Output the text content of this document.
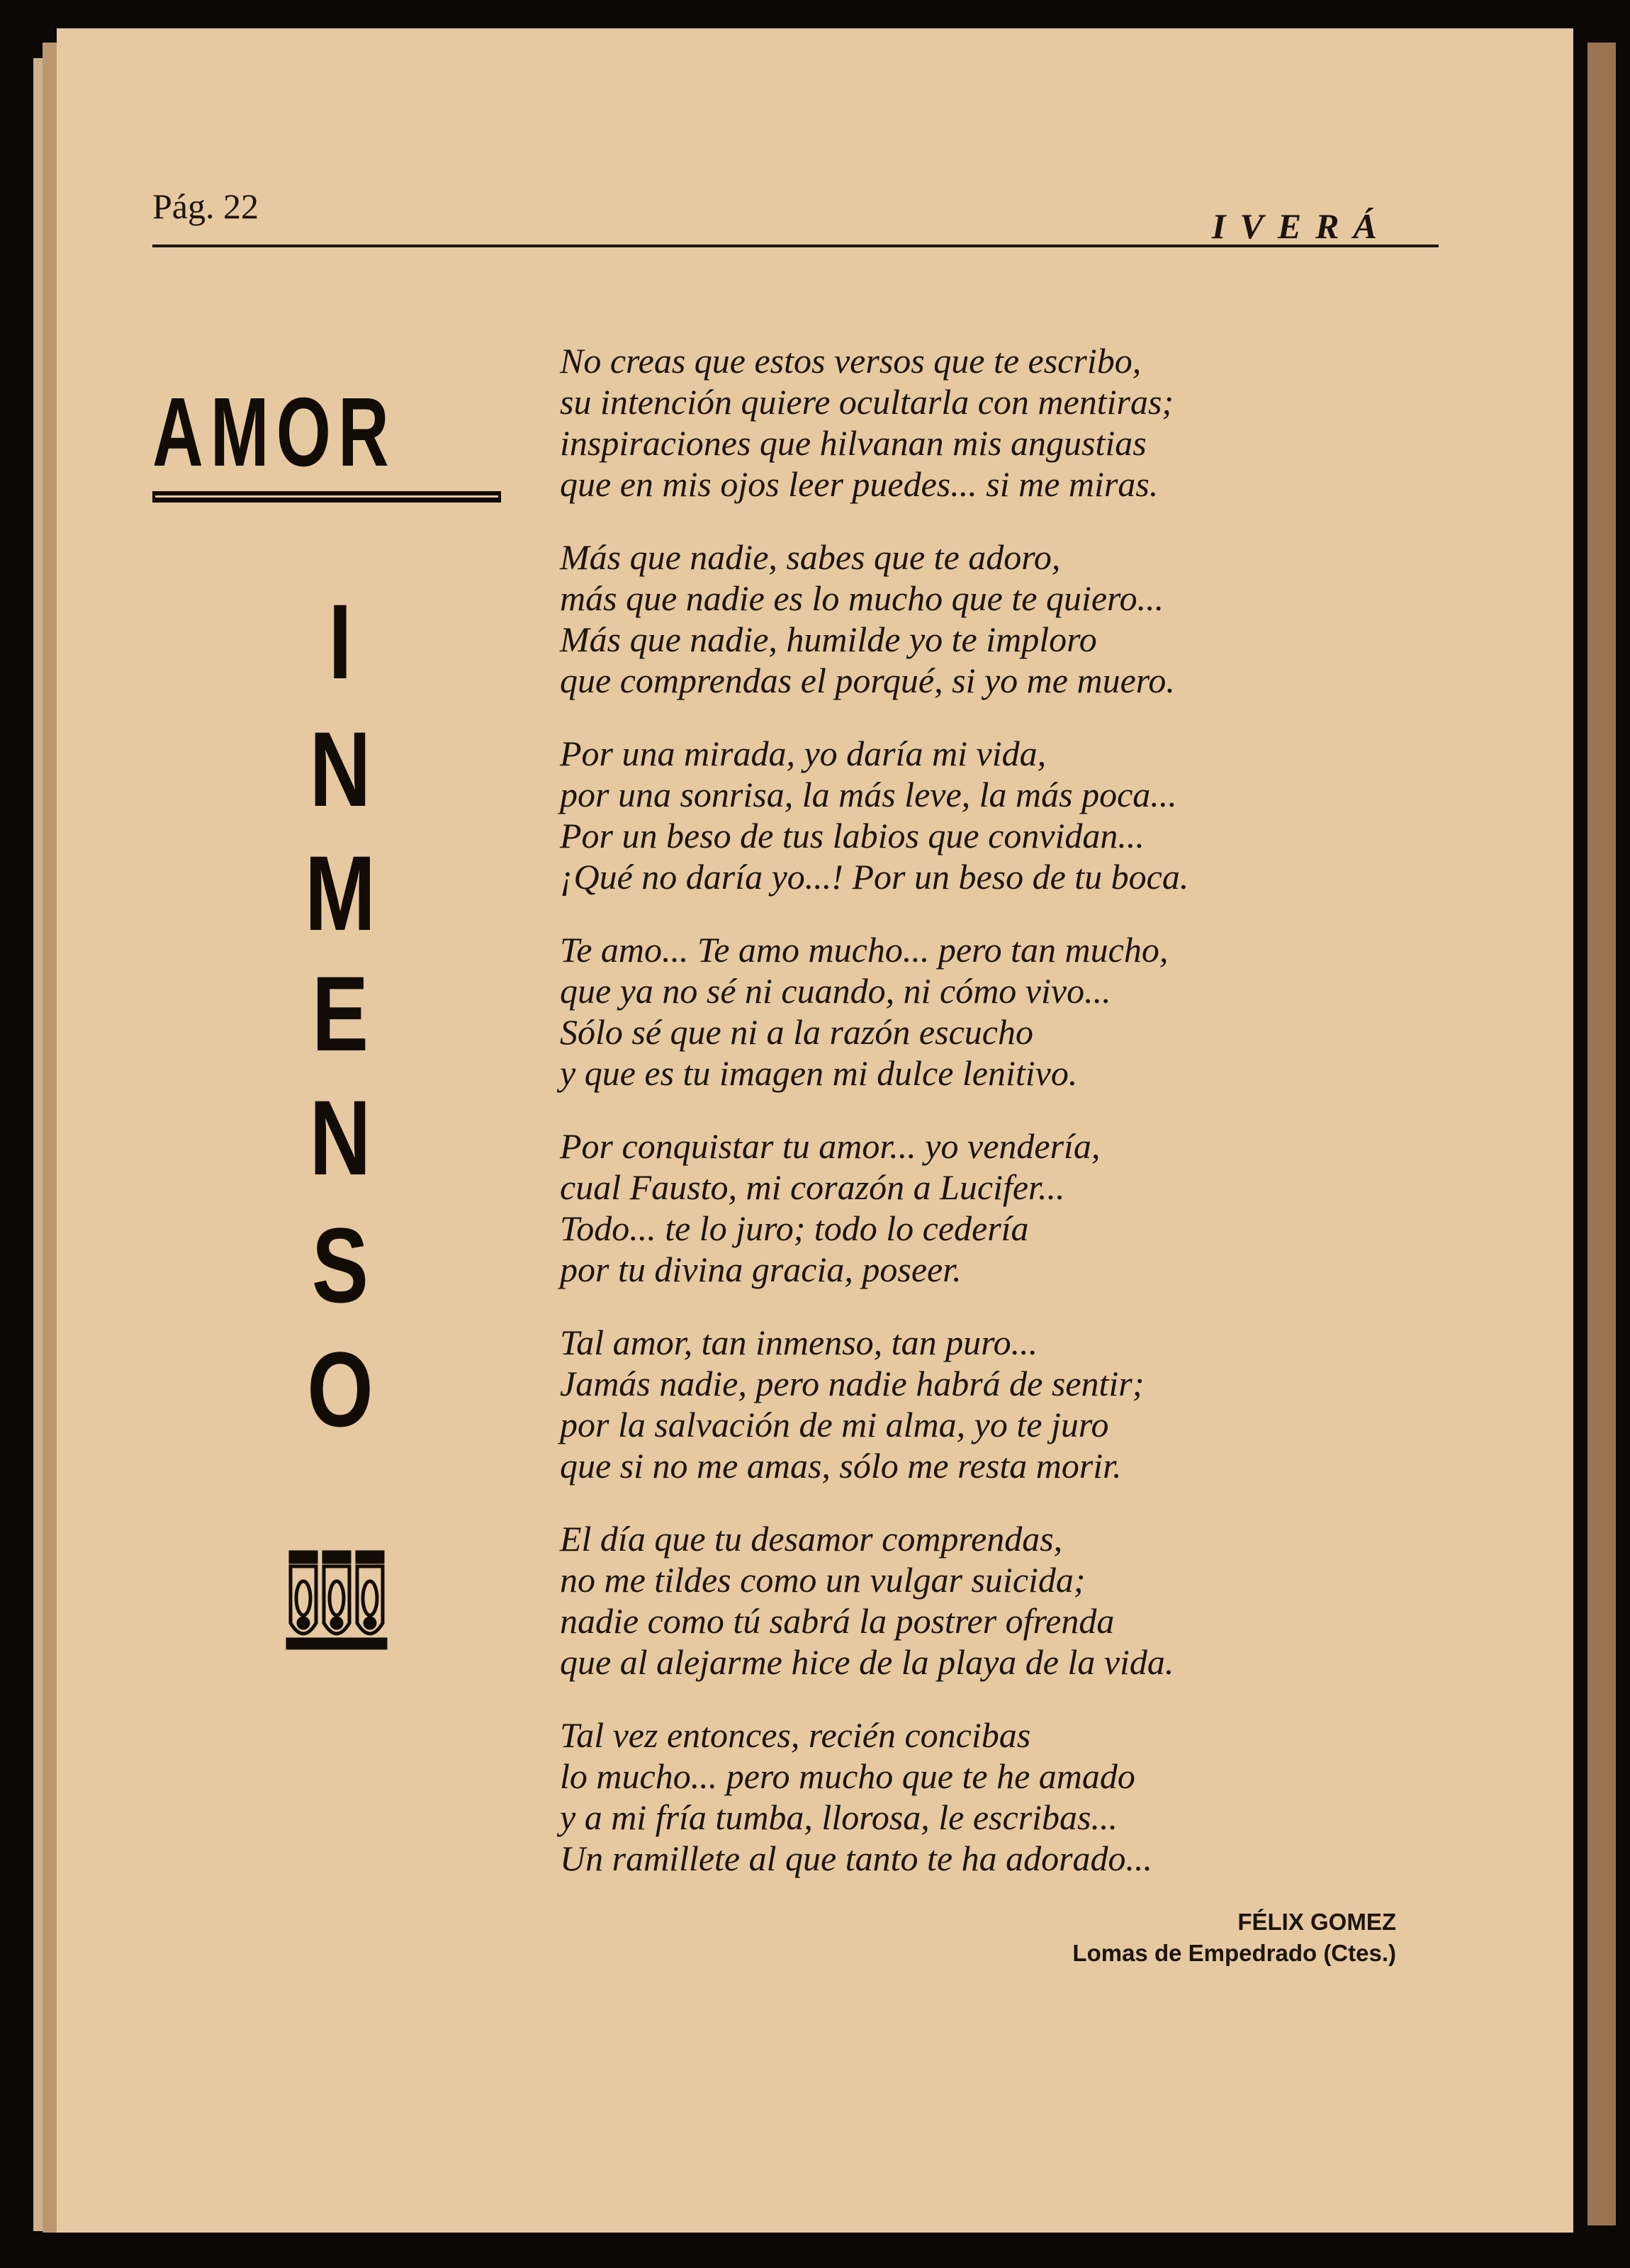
Pág. 22	IVERÁ
AMOR
I
N
M
E
N
S
O
No creas que estos versos que te escribo,
su intención quiere ocultarla con mentiras;
inspiraciones que hilvanan mis angustias
que en mis ojos leer puedes... si me miras.
Más que nadie, sabes que te adoro,
más que nadie es lo mucho que te quiero...
Más que nadie, humilde yo te imploro
que comprendas el porqué, si yo me muero.
Por una mirada, yo daría mi vida,
por una sonrisa, la más leve, la más poca...
Por un beso de tus labios que convidan...
¡Qué no daría yo...! Por un beso de tu boca.
Te amo... Te amo mucho... pero tan mucho,
que ya no sé ni cuando, ni cómo vivo...
Sólo sé que ni a la razón escucho
y que es tu imagen mi dulce lenitivo.
Por conquistar tu amor... yo vendería,
cual Fausto, mi corazón a Lucifer...
Todo... te lo juro; todo lo cedería
por tu divina gracia, poseer.
Tal amor, tan inmenso, tan puro...
Jamás nadie, pero nadie habrá de sentir;
por la salvación de mi alma, yo te juro
que si no me amas, sólo me resta morir.
El día que tu desamor comprendas,
no me tildes como un vulgar suicida;
nadie como tú sabrá la postrer ofrenda
que al alejarme hice de la playa de la vida.
Tal vez entonces, recién concibas
lo mucho... pero mucho que te he amado
y a mi fría tumba, llorosa, le escribas...
Un ramillete al que tanto te ha adorado...
FÉLIX GOMEZ
Lomas de Empedrado (Ctes.)
